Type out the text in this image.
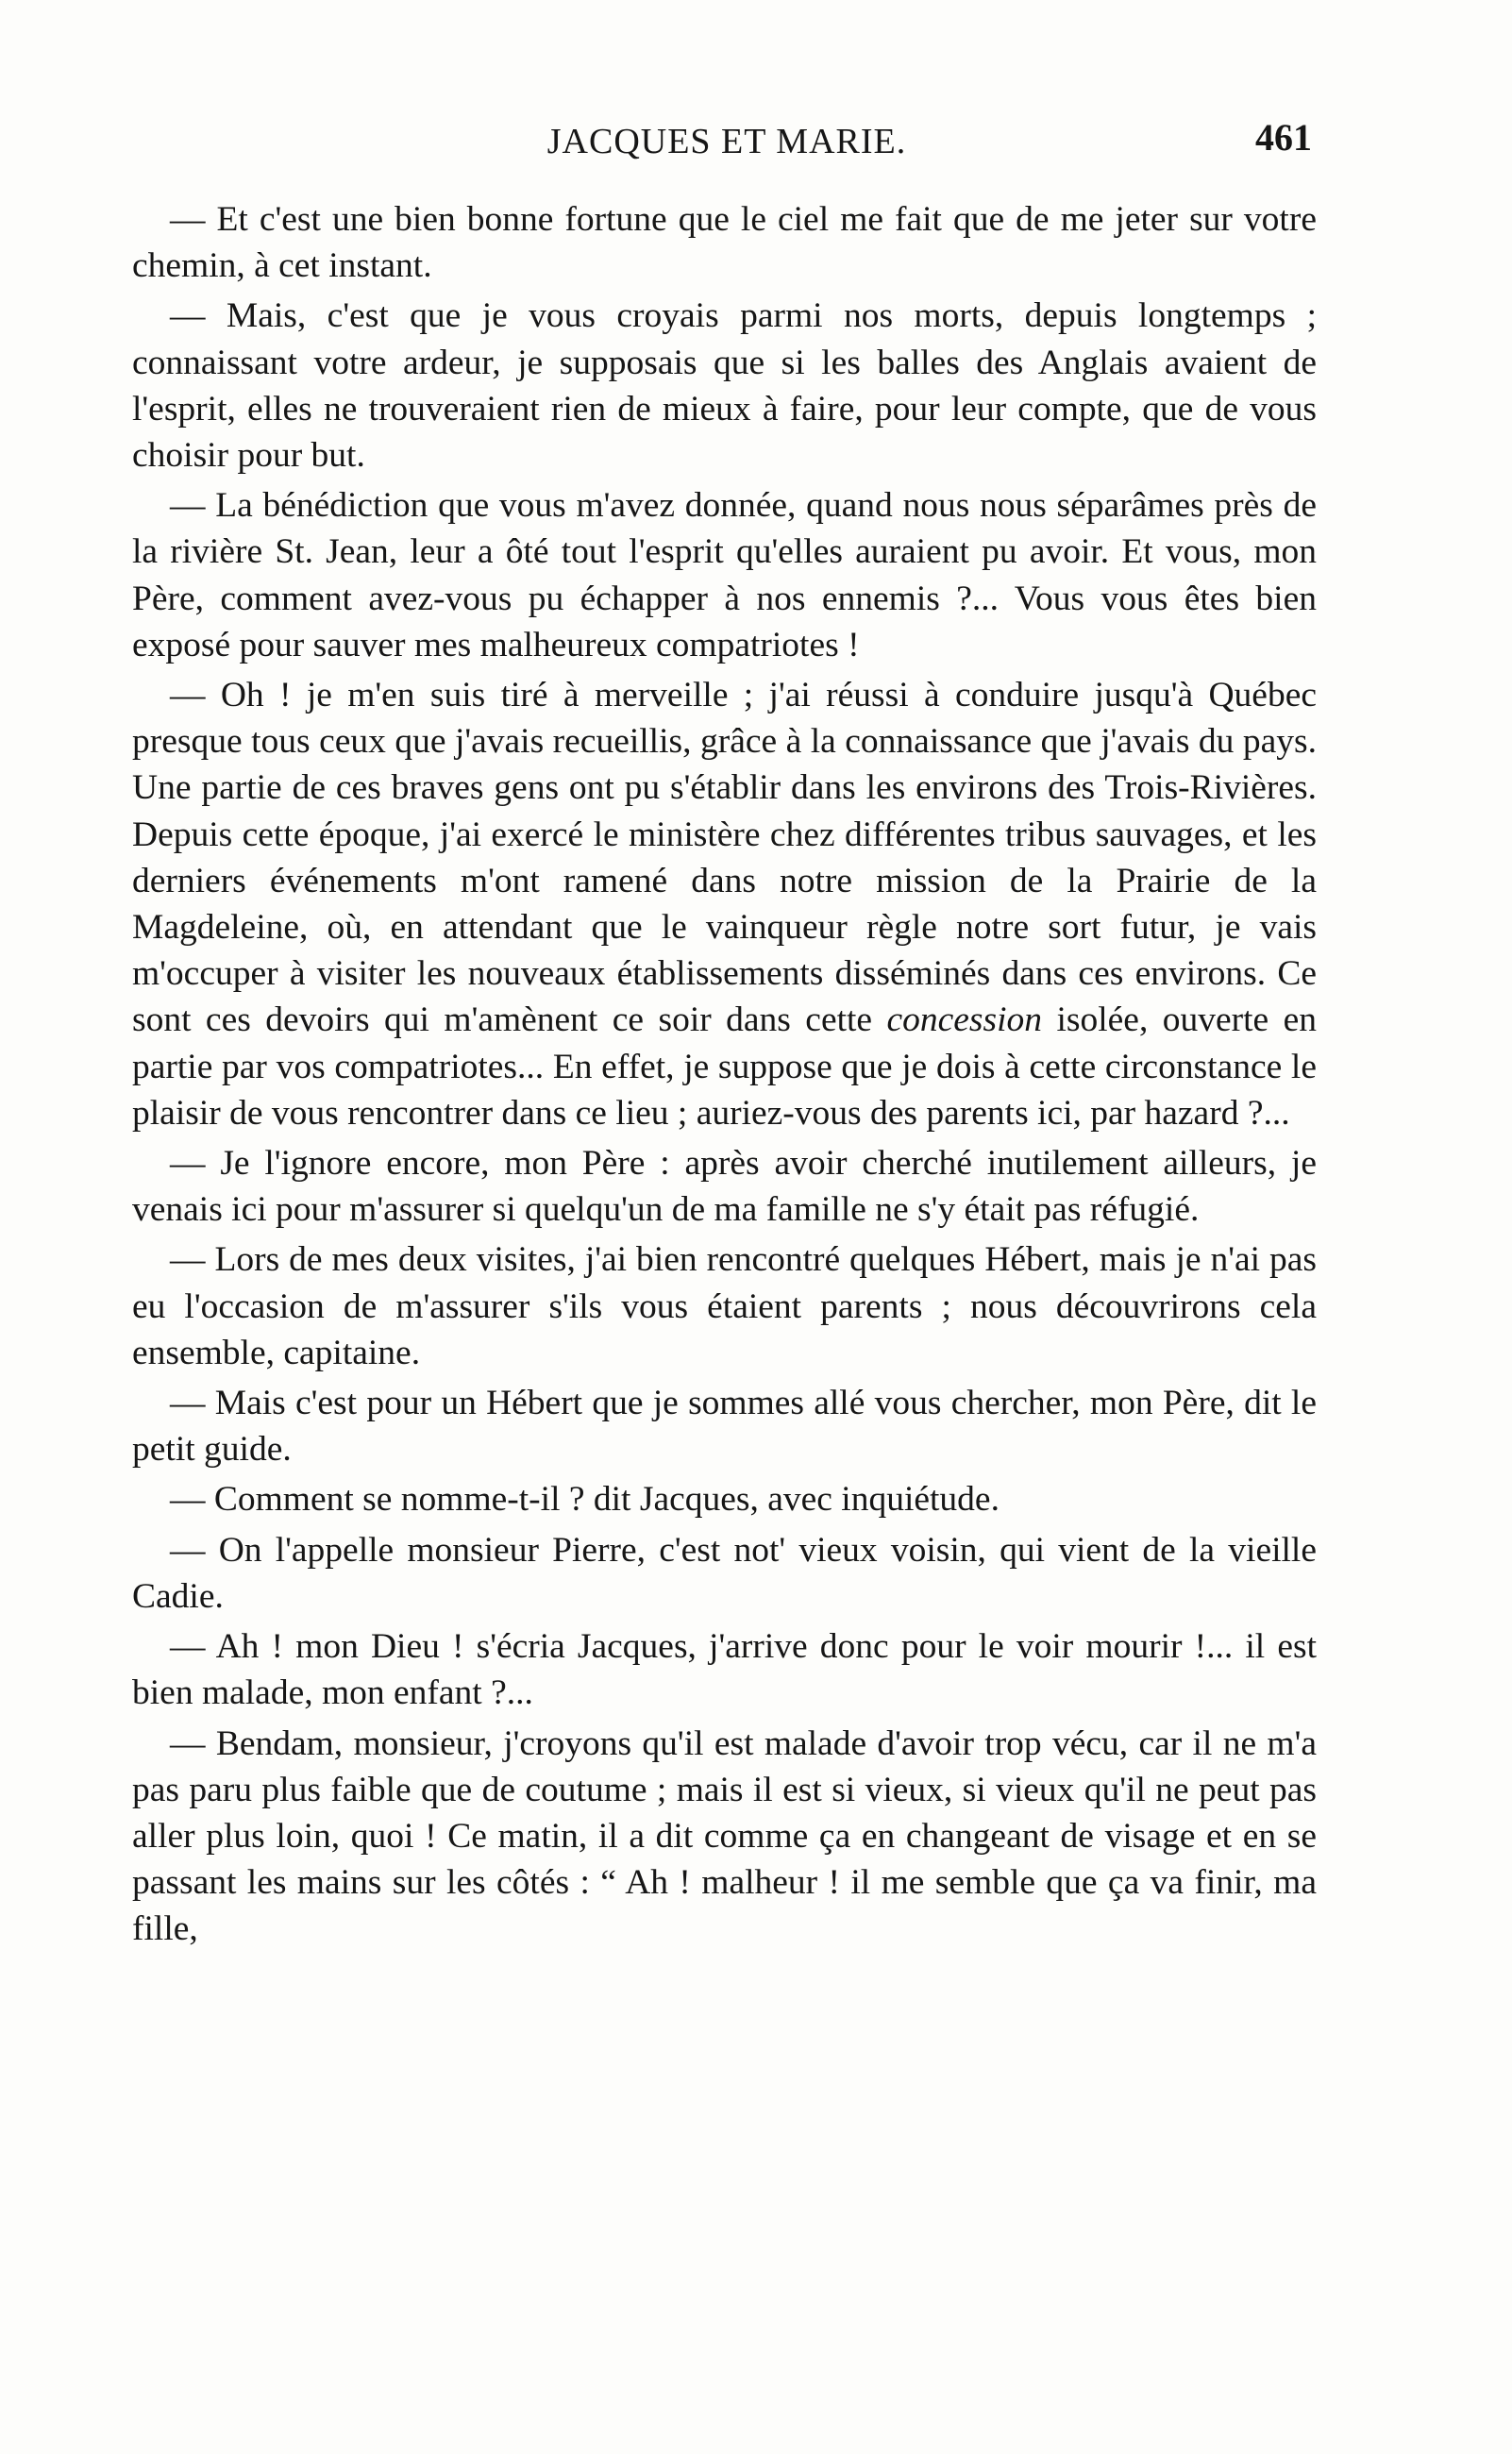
JACQUES ET MARIE.	461

— Et c'est une bien bonne fortune que le ciel me fait que de me jeter sur votre chemin, à cet instant.

— Mais, c'est que je vous croyais parmi nos morts, depuis longtemps ; connaissant votre ardeur, je supposais que si les balles des Anglais avaient de l'esprit, elles ne trouveraient rien de mieux à faire, pour leur compte, que de vous choisir pour but.

— La bénédiction que vous m'avez donnée, quand nous nous séparâmes près de la rivière St. Jean, leur a ôté tout l'esprit qu'elles auraient pu avoir. Et vous, mon Père, comment avez-vous pu échapper à nos ennemis ?... Vous vous êtes bien exposé pour sauver mes malheureux compatriotes !

— Oh ! je m'en suis tiré à merveille ; j'ai réussi à conduire jusqu'à Québec presque tous ceux que j'avais recueillis, grâce à la connaissance que j'avais du pays. Une partie de ces braves gens ont pu s'établir dans les environs des Trois-Rivières. Depuis cette époque, j'ai exercé le ministère chez différentes tribus sauvages, et les derniers événements m'ont ramené dans notre mission de la Prairie de la Magdeleine, où, en attendant que le vainqueur règle notre sort futur, je vais m'occuper à visiter les nouveaux établissements disséminés dans ces environs. Ce sont ces devoirs qui m'amènent ce soir dans cette concession isolée, ouverte en partie par vos compatriotes... En effet, je suppose que je dois à cette circonstance le plaisir de vous rencontrer dans ce lieu ; auriez-vous des parents ici, par hazard ?...

— Je l'ignore encore, mon Père : après avoir cherché inutilement ailleurs, je venais ici pour m'assurer si quelqu'un de ma famille ne s'y était pas réfugié.

— Lors de mes deux visites, j'ai bien rencontré quelques Hébert, mais je n'ai pas eu l'occasion de m'assurer s'ils vous étaient parents ; nous découvrirons cela ensemble, capitaine.

— Mais c'est pour un Hébert que je sommes allé vous chercher, mon Père, dit le petit guide.

— Comment se nomme-t-il ? dit Jacques, avec inquiétude.

— On l'appelle monsieur Pierre, c'est not' vieux voisin, qui vient de la vieille Cadie.

— Ah ! mon Dieu ! s'écria Jacques, j'arrive donc pour le voir mourir !... il est bien malade, mon enfant ?...

— Bendam, monsieur, j'croyons qu'il est malade d'avoir trop vécu, car il ne m'a pas paru plus faible que de coutume ; mais il est si vieux, si vieux qu'il ne peut pas aller plus loin, quoi ! Ce matin, il a dit comme ça en changeant de visage et en se passant les mains sur les côtés : “ Ah ! malheur ! il me semble que ça va finir, ma fille,
